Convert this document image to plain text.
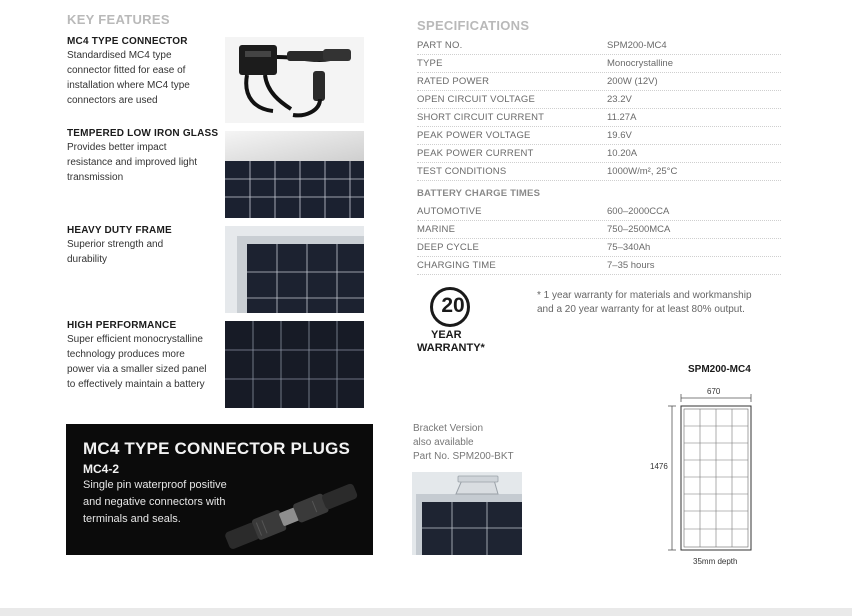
KEY FEATURES
MC4 TYPE CONNECTOR
Standardised MC4 type
connector fitted for ease of
installation where MC4 type
connectors are used
TEMPERED LOW IRON GLASS
Provides better impact
resistance and improved light
transmission
HEAVY DUTY FRAME
Superior strength and
durability
HIGH PERFORMANCE
Super efficient monocrystalline
technology produces more
power via a smaller sized panel
to effectively maintain a battery
MC4 TYPE CONNECTOR PLUGS
MC4-2
Single pin waterproof positive
and negative connectors with
terminals and seals.
SPECIFICATIONS
PART NO.	SPM200-MC4
TYPE	Monocrystalline
RATED POWER	200W (12V)
OPEN CIRCUIT VOLTAGE	23.2V
SHORT CIRCUIT CURRENT	11.27A
PEAK POWER VOLTAGE	19.6V
PEAK POWER CURRENT	10.20A
TEST CONDITIONS	1000W/m², 25°C
BATTERY CHARGE TIMES
AUTOMOTIVE	600–2000CCA
MARINE	750–2500MCA
DEEP CYCLE	75–340Ah
CHARGING TIME	7–35 hours
20
YEAR
WARRANTY*
* 1 year warranty for materials and workmanship
and a 20 year warranty for at least 80% output.
Bracket Version
also available
Part No. SPM200-BKT
SPM200-MC4
670
1476
35mm depth
